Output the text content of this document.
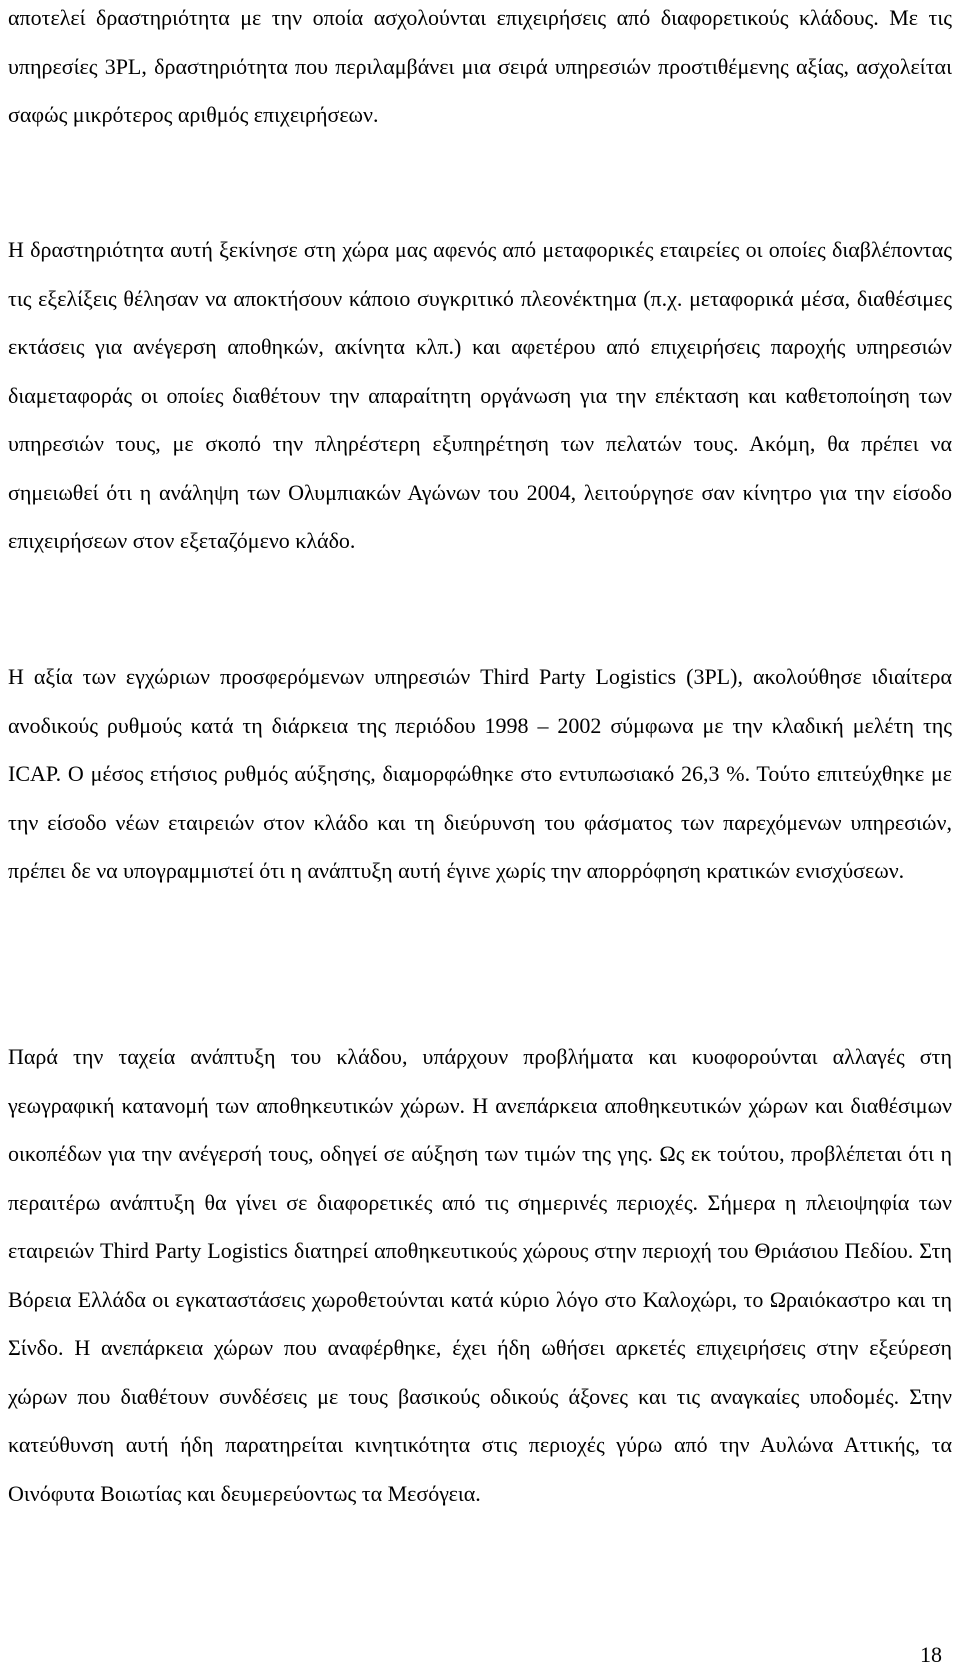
αποτελεί δραστηριότητα με την οποία ασχολούνται επιχειρήσεις από διαφορετικούς κλάδους. Με τις υπηρεσίες 3PL, δραστηριότητα που περιλαμβάνει μια σειρά υπηρεσιών προστιθέμενης αξίας, ασχολείται σαφώς μικρότερος αριθμός επιχειρήσεων.

Η δραστηριότητα αυτή ξεκίνησε στη χώρα μας αφενός από μεταφορικές εταιρείες οι οποίες διαβλέποντας τις εξελίξεις θέλησαν να αποκτήσουν κάποιο συγκριτικό πλεονέκτημα (π.χ. μεταφορικά μέσα, διαθέσιμες εκτάσεις για ανέγερση αποθηκών, ακίνητα κλπ.) και αφετέρου από επιχειρήσεις παροχής υπηρεσιών διαμεταφοράς οι οποίες διαθέτουν την απαραίτητη οργάνωση για την επέκταση και καθετοποίηση των υπηρεσιών τους, με σκοπό την πληρέστερη εξυπηρέτηση των πελατών τους. Ακόμη, θα πρέπει να σημειωθεί ότι η ανάληψη των Ολυμπιακών Αγώνων του 2004, λειτούργησε σαν κίνητρο για την είσοδο επιχειρήσεων στον εξεταζόμενο κλάδο.

Η αξία των εγχώριων προσφερόμενων υπηρεσιών Third Party Logistics (3PL), ακολούθησε ιδιαίτερα ανοδικούς ρυθμούς κατά τη διάρκεια της περιόδου 1998 – 2002 σύμφωνα με την κλαδική μελέτη της ICAP. Ο μέσος ετήσιος ρυθμός αύξησης, διαμορφώθηκε στο εντυπωσιακό 26,3 %. Τούτο επιτεύχθηκε με την είσοδο νέων εταιρειών στον κλάδο και τη διεύρυνση του φάσματος των παρεχόμενων υπηρεσιών, πρέπει δε να υπογραμμιστεί ότι η ανάπτυξη αυτή έγινε χωρίς την απορρόφηση κρατικών ενισχύσεων.

Παρά την ταχεία ανάπτυξη του κλάδου, υπάρχουν προβλήματα και κυοφορούνται αλλαγές στη γεωγραφική κατανομή των αποθηκευτικών χώρων. Η ανεπάρκεια αποθηκευτικών χώρων και διαθέσιμων οικοπέδων για την ανέγερσή τους, οδηγεί σε αύξηση των τιμών της γης. Ως εκ τούτου, προβλέπεται ότι η περαιτέρω ανάπτυξη θα γίνει σε διαφορετικές από τις σημερινές περιοχές. Σήμερα η πλειοψηφία των εταιρειών Third Party Logistics διατηρεί αποθηκευτικούς χώρους στην περιοχή του Θριάσιου Πεδίου. Στη Βόρεια Ελλάδα οι εγκαταστάσεις χωροθετούνται κατά κύριο λόγο στο Καλοχώρι, το Ωραιόκαστρο και τη Σίνδο. Η ανεπάρκεια χώρων που αναφέρθηκε, έχει ήδη ωθήσει αρκετές επιχειρήσεις στην εξεύρεση χώρων που διαθέτουν συνδέσεις με τους βασικούς οδικούς άξονες και τις αναγκαίες υποδομές. Στην κατεύθυνση αυτή ήδη παρατηρείται κινητικότητα στις περιοχές γύρω από την Αυλώνα Αττικής, τα Οινόφυτα Βοιωτίας και δευμερεύοντως τα Μεσόγεια.

18
